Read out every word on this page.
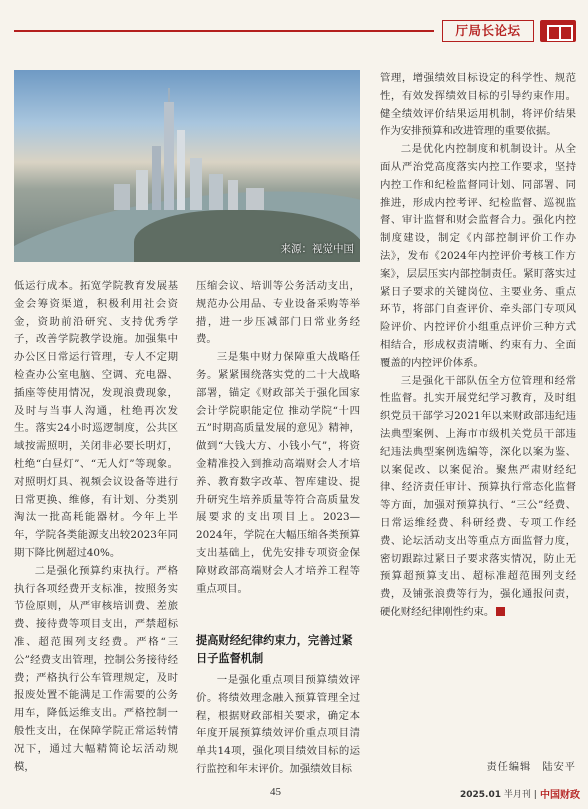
厅局长论坛
来源：视觉中国

低运行成本。拓宽学院教育发展基金会筹资渠道，积极利用社会资金，资助前沿研究、支持优秀学子，改善学院教学设施。加强集中办公区日常运行管理，专人不定期检查办公室电脑、空调、充电器、插座等使用情况，发现浪费现象，及时与当事人沟通，杜绝再次发生。落实24小时巡逻制度，公共区域按需照明，关闭非必要长明灯，杜绝“白昼灯”、“无人灯”等现象。对照明灯具、视频会议设备等进行日常更换、维修，有计划、分类别淘汰一批高耗能器材。今年上半年，学院各类能源支出较2023年同期下降比例超过40%。

二是强化预算约束执行。严格执行各项经费开支标准，按照务实节俭原则，从严审核培训费、差旅费、接待费等项目支出，严禁超标准、超范围列支经费。严格“三公”经费支出管理，控制公务接待经费；严格执行公车管理规定，及时报废处置不能满足工作需要的公务用车，降低运维支出。严格控制一般性支出，在保障学院正常运转情况下，通过大幅精简论坛活动规模，

压缩会议、培训等公务活动支出，规范办公用品、专业设备采购等举措，进一步压减部门日常业务经费。

三是集中财力保障重大战略任务。紧紧围绕落实党的二十大战略部署，锚定《财政部关于强化国家会计学院职能定位 推动学院“十四五”时期高质量发展的意见》精神，做到“大钱大方、小钱小气”，将资金精准投入到推动高端财会人才培养、教育数字改革、智库建设、提升研究生培养质量等符合高质量发展要求的支出项目上。2023—2024年，学院在大幅压缩各类预算支出基础上，优先安排专项资金保障财政部高端财会人才培养工程等重点项目。

提高财经纪律约束力，完善过紧日子监督机制

一是强化重点项目预算绩效评价。将绩效理念融入预算管理全过程，根据财政部相关要求，确定本年度开展预算绩效评价重点项目清单共14项，强化项目绩效目标的运行监控和年末评价。加强绩效目标

管理，增强绩效目标设定的科学性、规范性，有效发挥绩效目标的引导约束作用。健全绩效评价结果运用机制，将评价结果作为安排预算和改进管理的重要依据。

二是优化内控制度和机制设计。从全面从严治党高度落实内控工作要求，坚持内控工作和纪检监督同计划、同部署、同推进，形成内控考评、纪检监督、巡视监督、审计监督和财会监督合力。强化内控制度建设，制定《内部控制评价工作办法》，发布《2024年内控评价考核工作方案》，层层压实内部控制责任。紧盯落实过紧日子要求的关键岗位、主要业务、重点环节，将部门自查评价、牵头部门专项风险评价、内控评价小组重点评价三种方式相结合，形成权责清晰、约束有力、全面覆盖的内控评价体系。

三是强化干部队伍全方位管理和经常性监督。扎实开展党纪学习教育，及时组织党员干部学习2021年以来财政部违纪违法典型案例、上海市市级机关党员干部违纪违法典型案例选编等，深化以案为鉴、以案促改、以案促治。聚焦严肃财经纪律、经济责任审计、预算执行常态化监督等方面，加强对预算执行、“三公”经费、日常运维经费、科研经费、专项工作经费、论坛活动支出等重点方面监督力度，密切跟踪过紧日子要求落实情况，防止无预算超预算支出、超标准超范围列支经费，及铺张浪费等行为，强化通报问责，硬化财经纪律刚性约束。

责任编辑　陆安平
45	2025.01 半月刊 | 中国财政
